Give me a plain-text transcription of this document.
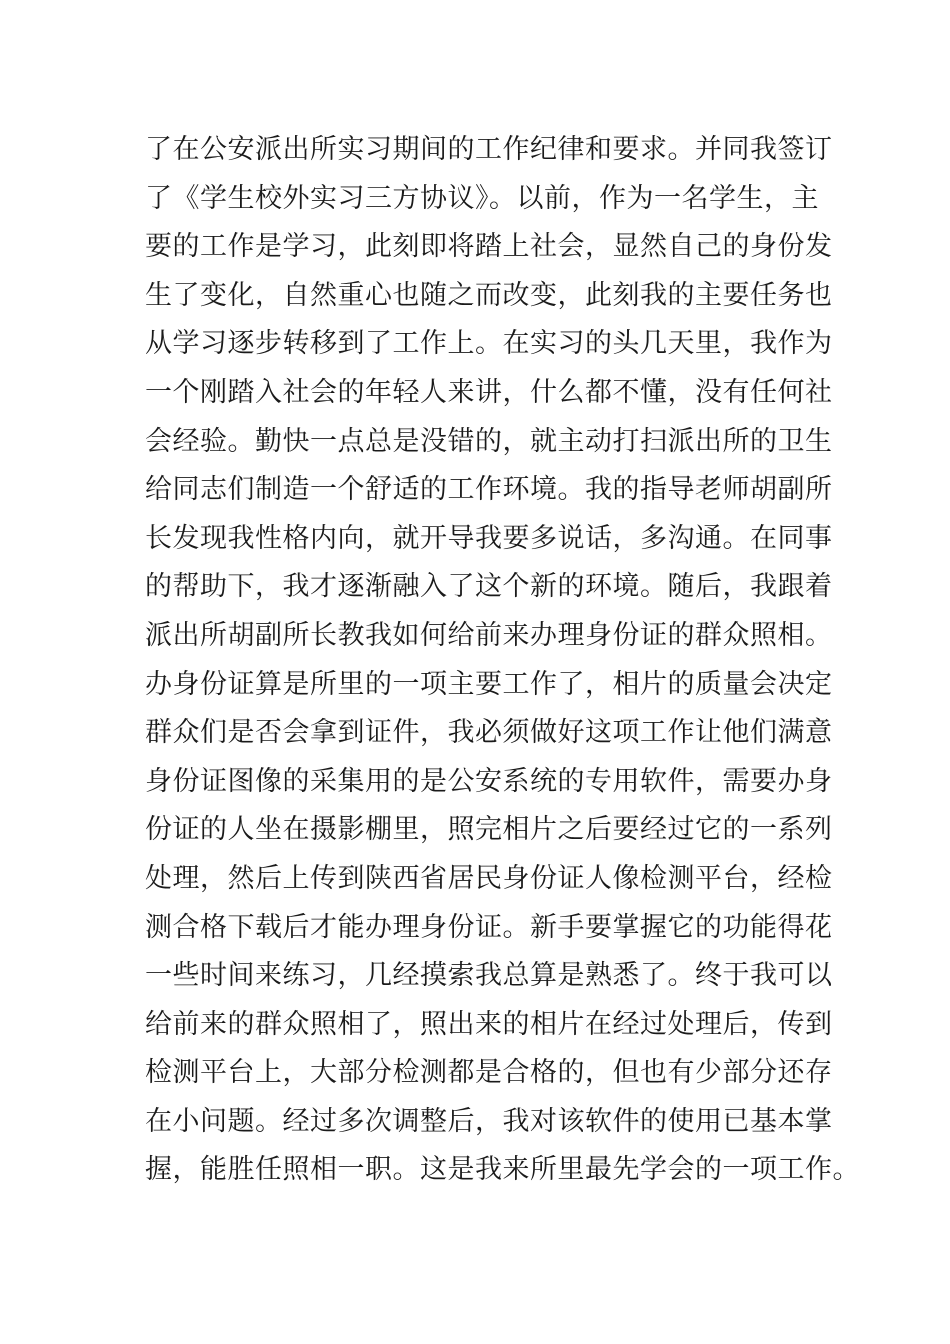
了在公安派出所实习期间的工作纪律和要求。并同我签订
了《学生校外实习三方协议》。以前，作为一名学生，主
要的工作是学习，此刻即将踏上社会，显然自己的身份发
生了变化，自然重心也随之而改变，此刻我的主要任务也
从学习逐步转移到了工作上。在实习的头几天里，我作为
一个刚踏入社会的年轻人来讲，什么都不懂，没有任何社
会经验。勤快一点总是没错的，就主动打扫派出所的卫生
给同志们制造一个舒适的工作环境。我的指导老师胡副所
长发现我性格内向，就开导我要多说话，多沟通。在同事
的帮助下，我才逐渐融入了这个新的环境。随后，我跟着
派出所胡副所长教我如何给前来办理身份证的群众照相。
办身份证算是所里的一项主要工作了，相片的质量会决定
群众们是否会拿到证件，我必须做好这项工作让他们满意
身份证图像的采集用的是公安系统的专用软件，需要办身
份证的人坐在摄影棚里，照完相片之后要经过它的一系列
处理，然后上传到陕西省居民身份证人像检测平台，经检
测合格下载后才能办理身份证。新手要掌握它的功能得花
一些时间来练习，几经摸索我总算是熟悉了。终于我可以
给前来的群众照相了，照出来的相片在经过处理后，传到
检测平台上，大部分检测都是合格的，但也有少部分还存
在小问题。经过多次调整后，我对该软件的使用已基本掌
握，能胜任照相一职。这是我来所里最先学会的一项工作。
